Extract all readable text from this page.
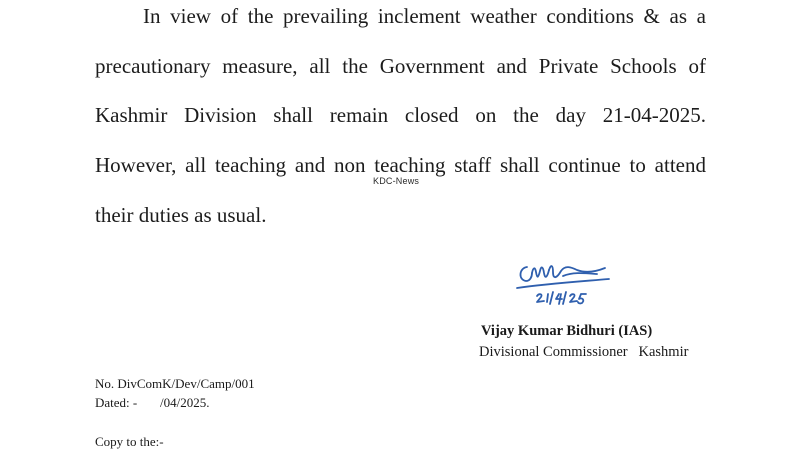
In view of the prevailing inclement weather conditions & as a
precautionary measure, all the Government and Private Schools of
Kashmir Division shall remain closed on the day 21-04-2025.
However, all teaching and non teaching staff shall continue to attend
their duties as usual.
KDC-News
21/4/25
Vijay Kumar Bidhuri (IAS)
Divisional Commissioner   Kashmir
No. DivComK/Dev/Camp/001
Dated: -       /04/2025.
Copy to the:-
